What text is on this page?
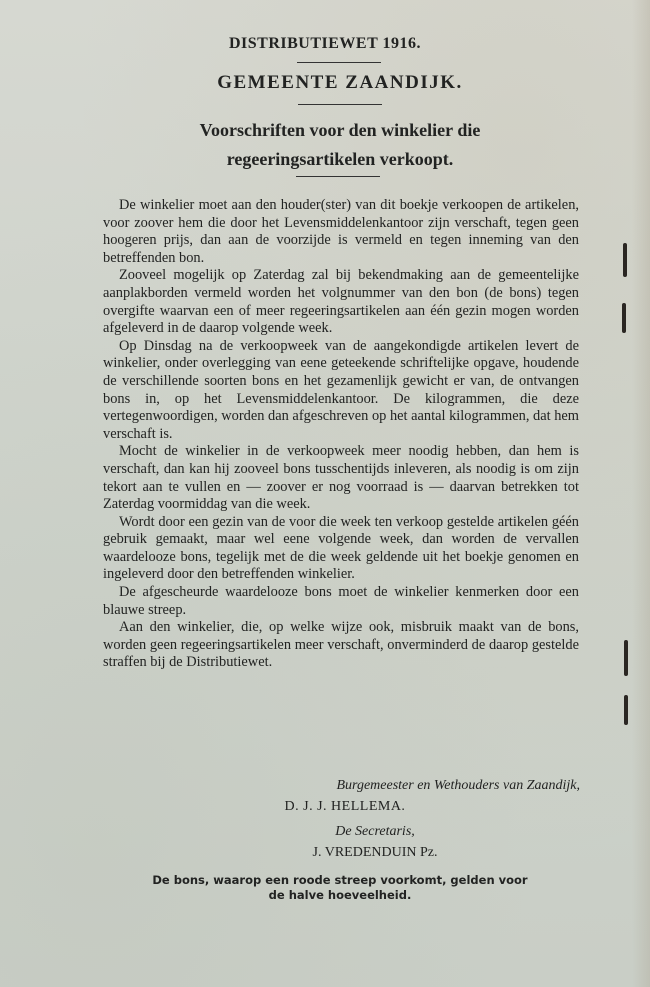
DISTRIBUTIEWET 1916.
GEMEENTE ZAANDIJK.
Voorschriften voor den winkelier die
regeeringsartikelen verkoopt.

De winkelier moet aan den houder(ster) van dit boekje verkoopen de artikelen, voor zoover hem die door het Levensmiddelenkantoor zijn verschaft, tegen geen hoogeren prijs, dan aan de voorzijde is vermeld en tegen inneming van den betreffenden bon.

Zooveel mogelijk op Zaterdag zal bij bekendmaking aan de gemeentelijke aanplakborden vermeld worden het volgnummer van den bon (de bons) tegen overgifte waarvan een of meer regeeringsartikelen aan één gezin mogen worden afgeleverd in de daarop volgende week.

Op Dinsdag na de verkoopweek van de aangekondigde artikelen levert de winkelier, onder overlegging van eene geteekende schriftelijke opgave, houdende de verschillende soorten bons en het gezamenlijk gewicht er van, de ontvangen bons in, op het Levensmiddelenkantoor. De kilogrammen, die deze vertegenwoordigen, worden dan afgeschreven op het aantal kilogrammen, dat hem verschaft is.

Mocht de winkelier in de verkoopweek meer noodig hebben, dan hem is verschaft, dan kan hij zooveel bons tusschentijds inleveren, als noodig is om zijn tekort aan te vullen en — zoover er nog voorraad is — daarvan betrekken tot Zaterdag voormiddag van die week.

Wordt door een gezin van de voor die week ten verkoop gestelde artikelen géén gebruik gemaakt, maar wel eene volgende week, dan worden de vervallen waardelooze bons, tegelijk met de die week geldende uit het boekje genomen en ingeleverd door den betreffenden winkelier.

De afgescheurde waardelooze bons moet de winkelier kenmerken door een blauwe streep.

Aan den winkelier, die, op welke wijze ook, misbruik maakt van de bons, worden geen regeeringsartikelen meer verschaft, onverminderd de daarop gestelde straffen bij de Distributiewet.

Burgemeester en Wethouders van Zaandijk,
D. J. J. HELLEMA.
De Secretaris,
J. VREDENDUIN Pz.
De bons, waarop een roode streep voorkomt, gelden voor
de halve hoeveelheid.
